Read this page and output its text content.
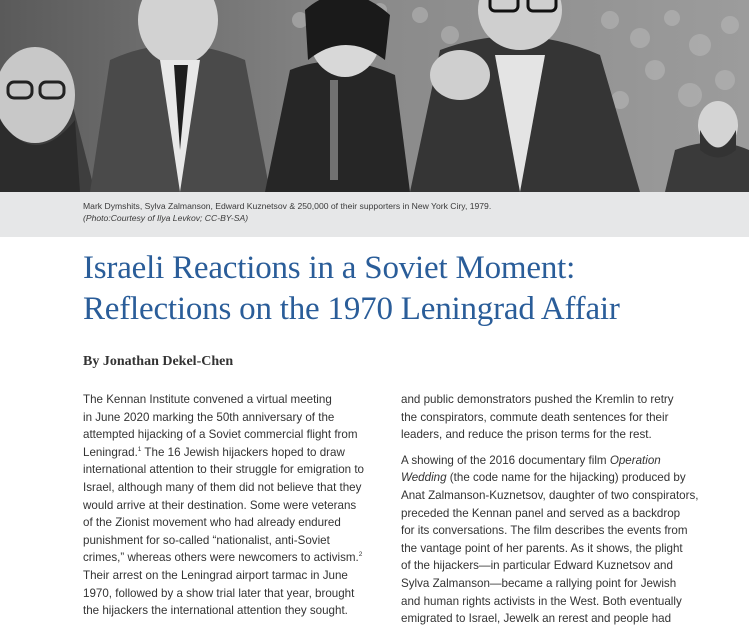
Mark Dymshits, Sylva Zalmanson, Edward Kuznetsov & 250,000 of their supporters in New York Ciry, 1979.
(Photo:Courtesy of Ilya Levkov; CC-BY-SA)
Israeli Reactions in a Soviet Moment:
Reflections on the 1970 Leningrad Affair
By Jonathan Dekel-Chen

The Kennan Institute convened a virtual meeting
in June 2020 marking the 50th anniversary of the
attempted hijacking of a Soviet commercial flight from
Leningrad.$^1$ The 16 Jewish hijackers hoped to draw
international attention to their struggle for emigration to
Israel, although many of them did not believe that they
would arrive at their destination. Some were veterans
of the Zionist movement who had already endured
punishment for so-called “nationalist, anti-Soviet
crimes,” whereas others were newcomers to activism.$^2$
Their arrest on the Leningrad airport tarmac in June
1970, followed by a show trial later that year, brought
the hijackers the international attention they sought.

and public demonstrators pushed the Kremlin to retry
the conspirators, commute death sentences for their
leaders, and reduce the prison terms for the rest.

A showing of the 2016 documentary film Operation
Wedding (the code name for the hijacking) produced by
Anat Zalmanson-Kuznetsov, daughter of two conspirators,
preceded the Kennan panel and served as a backdrop
for its conversations. The film describes the events from
the vantage point of her parents. As it shows, the plight
of the hijackers—in particular Edward Kuznetsov and
Sylva Zalmanson—became a rallying point for Jewish
and human rights activists in the West. Both eventually
emigrated to Israel, Jewelk an rerest and people had
